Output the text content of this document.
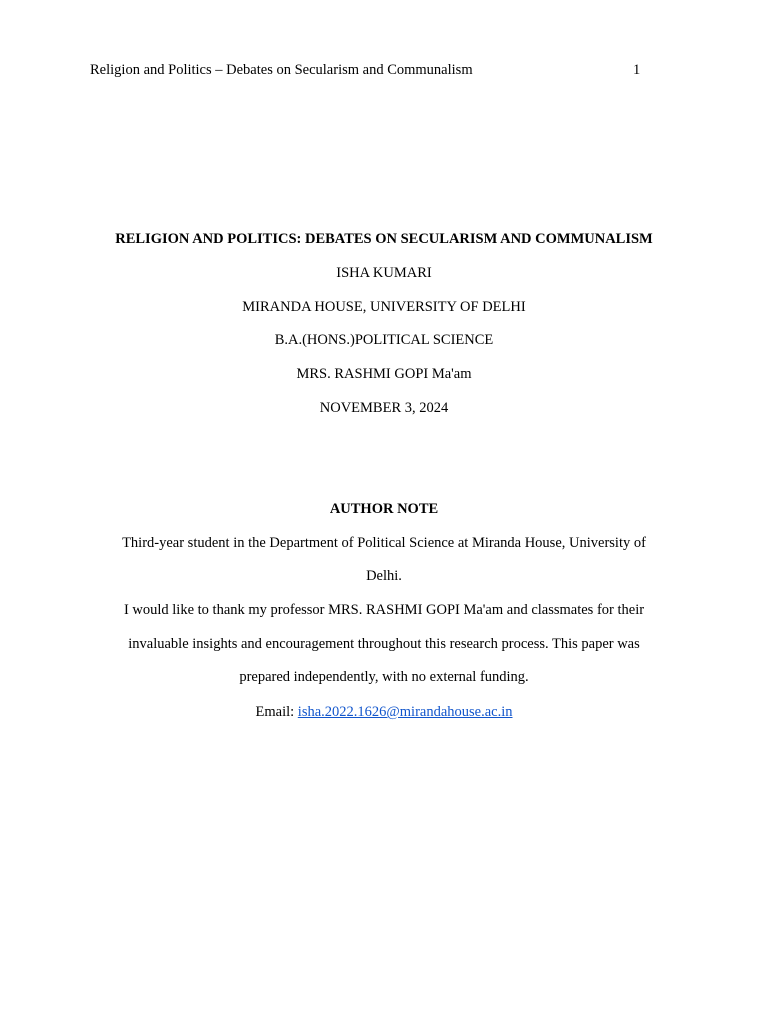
Religion and Politics – Debates on Secularism and Communalism	1
RELIGION AND POLITICS: DEBATES ON SECULARISM AND COMMUNALISM
ISHA KUMARI
MIRANDA HOUSE, UNIVERSITY OF DELHI
B.A.(HONS.)POLITICAL SCIENCE
MRS. RASHMI GOPI Ma'am
NOVEMBER 3, 2024
AUTHOR NOTE
Third-year student in the Department of Political Science at Miranda House, University of
Delhi.
I would like to thank my professor MRS. RASHMI GOPI Ma'am and classmates for their
invaluable insights and encouragement throughout this research process. This paper was
prepared independently, with no external funding.
Email: isha.2022.1626@mirandahouse.ac.in
